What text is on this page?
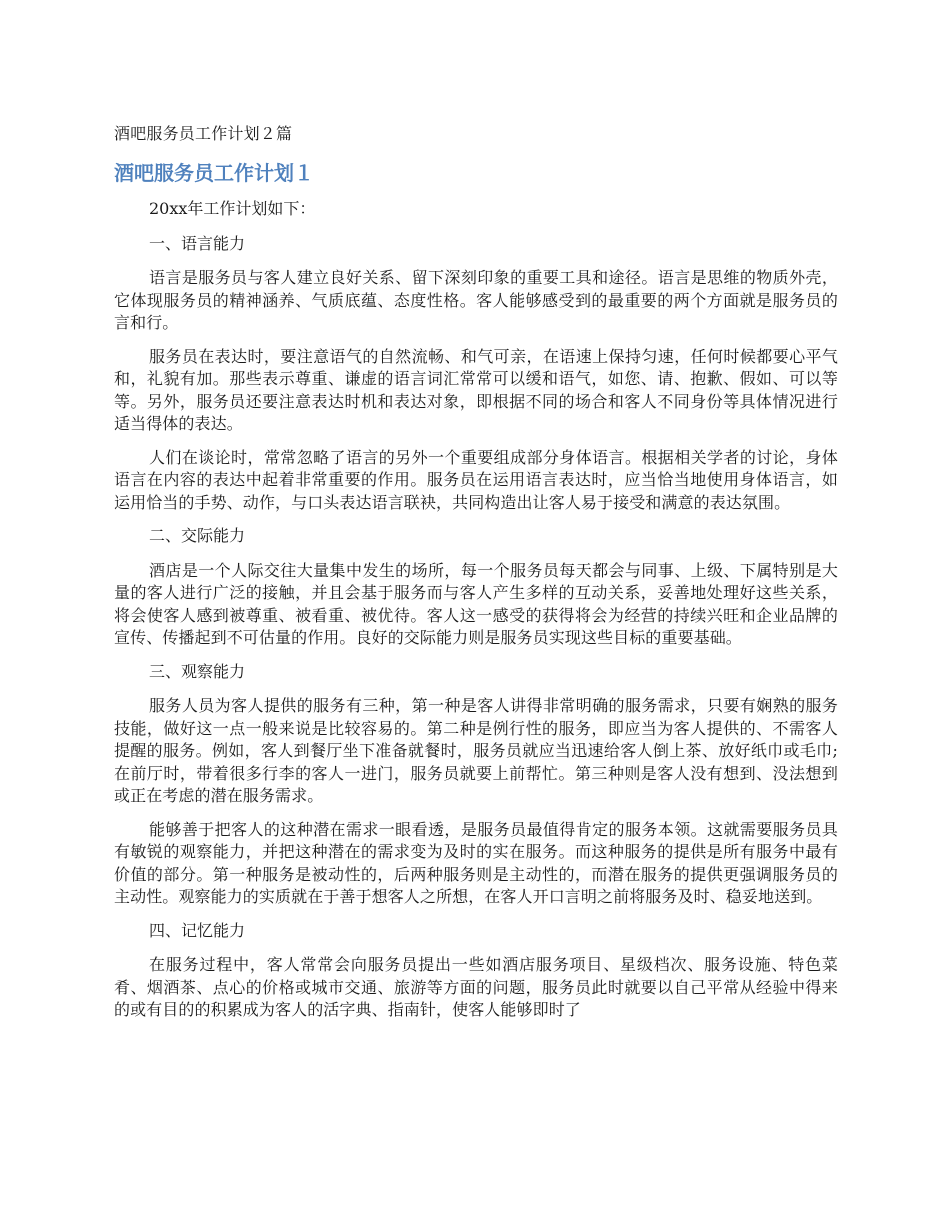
酒吧服务员工作计划２篇
酒吧服务员工作计划１
20xx年工作计划如下：
一、语言能力

语言是服务员与客人建立良好关系、留下深刻印象的重要工具和途径。语言是思维的物质外壳，它体现服务员的精神涵养、气质底蕴、态度性格。客人能够感受到的最重要的两个方面就是服务员的言和行。

服务员在表达时，要注意语气的自然流畅、和气可亲，在语速上保持匀速，任何时候都要心平气和，礼貌有加。那些表示尊重、谦虚的语言词汇常常可以缓和语气，如您、请、抱歉、假如、可以等等。另外，服务员还要注意表达时机和表达对象，即根据不同的场合和客人不同身份等具体情况进行适当得体的表达。

人们在谈论时，常常忽略了语言的另外一个重要组成部分身体语言。根据相关学者的讨论，身体语言在内容的表达中起着非常重要的作用。服务员在运用语言表达时，应当恰当地使用身体语言，如运用恰当的手势、动作，与口头表达语言联袂，共同构造出让客人易于接受和满意的表达氛围。

二、交际能力

酒店是一个人际交往大量集中发生的场所，每一个服务员每天都会与同事、上级、下属特别是大量的客人进行广泛的接触，并且会基于服务而与客人产生多样的互动关系，妥善地处理好这些关系，将会使客人感到被尊重、被看重、被优待。客人这一感受的获得将会为经营的持续兴旺和企业品牌的宣传、传播起到不可估量的作用。良好的交际能力则是服务员实现这些目标的重要基础。

三、观察能力

服务人员为客人提供的服务有三种，第一种是客人讲得非常明确的服务需求，只要有娴熟的服务技能，做好这一点一般来说是比较容易的。第二种是例行性的服务，即应当为客人提供的、不需客人提醒的服务。例如，客人到餐厅坐下准备就餐时，服务员就应当迅速给客人倒上茶、放好纸巾或毛巾;在前厅时，带着很多行李的客人一进门，服务员就要上前帮忙。第三种则是客人没有想到、没法想到或正在考虑的潜在服务需求。

能够善于把客人的这种潜在需求一眼看透，是服务员最值得肯定的服务本领。这就需要服务员具有敏锐的观察能力，并把这种潜在的需求变为及时的实在服务。而这种服务的提供是所有服务中最有价值的部分。第一种服务是被动性的，后两种服务则是主动性的，而潜在服务的提供更强调服务员的主动性。观察能力的实质就在于善于想客人之所想，在客人开口言明之前将服务及时、稳妥地送到。

四、记忆能力

在服务过程中，客人常常会向服务员提出一些如酒店服务项目、星级档次、服务设施、特色菜肴、烟酒茶、点心的价格或城市交通、旅游等方面的问题，服务员此时就要以自己平常从经验中得来的或有目的的积累成为客人的活字典、指南针，使客人能够即时了
